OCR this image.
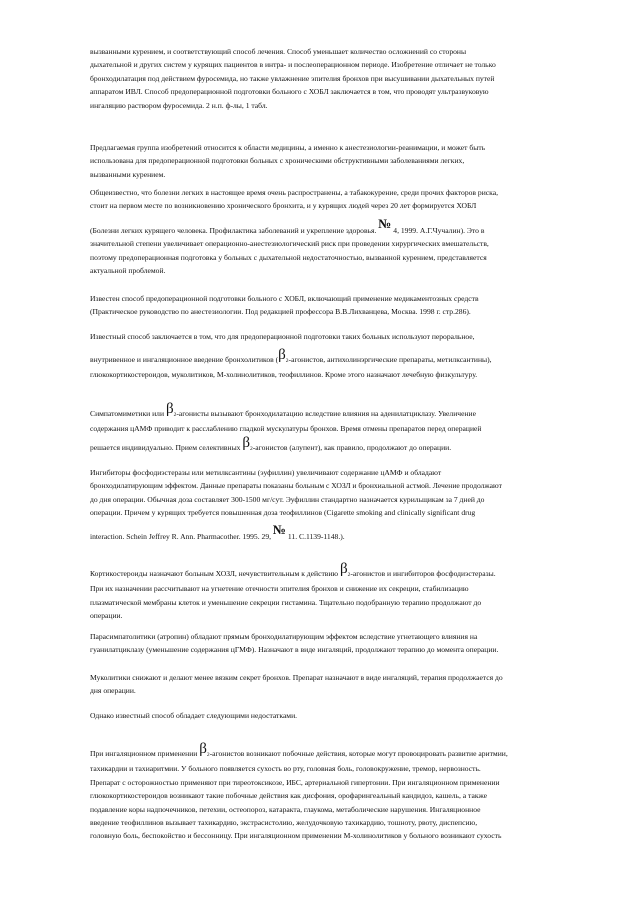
вызванными курением, и соответствующий способ лечения. Способ уменьшает количество осложнений со стороны
дыхательной и других систем у курящих пациентов в интра- и послеоперационном периоде. Изобретение отличает не только
бронходилатация под действием фуросемида, но также увлажнение эпителия бронхов при высушивании дыхательных путей
аппаратом ИВЛ. Способ предоперационной подготовки больного с ХОБЛ заключается в том, что проводят ультразвуковую
ингаляцию раствором фуросемида. 2 н.п. ф-лы, 1 табл.

Предлагаемая группа изобретений относится к области медицины, а именно к анестезиологии-реанимации, и может быть
использована для предоперационной подготовки больных с хроническими обструктивными заболеваниями легких,
вызванными курением.

Общеизвестно, что болезни легких в настоящее время очень распространены, а табакокурение, среди прочих факторов риска,
стоит на первом месте по возникновению хронического бронхита, и у курящих людей через 20 лет формируется ХОБЛ

(Болезни легких курящего человека. Профилактика заболеваний и укрепление здоровья. № 4, 1999. А.Г.Чучалин). Это в
значительной степени увеличивает операционно-анестезиологический риск при проведении хирургических вмешательств,
поэтому предоперационная подготовка у больных с дыхательной недостаточностью, вызванной курением, представляется
актуальной проблемой.

Известен способ предоперационной подготовки больного с ХОБЛ, включающий применение медикаментозных средств
(Практическое руководство по анестезиологии. Под редакцией профессора В.В.Лихванцева, Москва. 1998 г. стр.286).

Известный способ заключается в том, что для предоперационной подготовки таких больных используют пероральное,

внутривенное и ингаляционное введение бронхолитиков (β2-агонистов, антихолинэргические препараты, метилксантины),
глюкокортикостероидов, муколитиков, М-холинолитиков, теофиллинов. Кроме этого назначают лечебную физкультуру.

Симпатомиметики или β2-агонисты вызывают бронходилатацию вследствие влияния на аденилатциклазу. Увеличение
содержания цАМФ приводит к расслаблению гладкой мускулатуры бронхов. Время отмены препаратов перед операцией

решается индивидуально. Прием селективных β2-агонистов (алупент), как правило, продолжают до операции.

Ингибиторы фосфодиэстеразы или метилксантины (эуфиллин) увеличивают содержание цАМФ и обладают
бронходилатирующим эффектом. Данные препараты показаны больным с ХОЗЛ и бронхиальной астмой. Лечение продолжают
до дня операции. Обычная доза составляет 300-1500 мг/сут. Эуфиллин стандартно назначается курильщикам за 7 дней до
операции. Причем у курящих требуется повышенная доза теофиллинов (Cigarette smoking and clinically significant drug

interaction. Schein Jeffrey R. Ann. Pharmacother. 1995. 29, № 11. C.1139-1148.).

Кортикостероиды назначают больным ХОЗЛ, нечувствительным к действию β2-агонистов и ингибиторов фосфодиэстеразы.
При их назначении рассчитывают на угнетение отечности эпителия бронхов и снижение их секреции, стабилизацию
плазматической мембраны клеток и уменьшение секреции гистамина. Тщательно подобранную терапию продолжают до
операции.

Парасимпатолитики (атропин) обладают прямым бронходилатирующим эффектом вследствие угнетающего влияния на
гуанилатциклазу (уменьшение содержания цГМФ). Назначают в виде ингаляций, продолжают терапию до момента операции.

Муколитики снижают и делают менее вязким секрет бронхов. Препарат назначают в виде ингаляций, терапия продолжается до
дня операции.

Однако известный способ обладает следующими недостатками.

При ингаляционном применении β2-агонистов возникают побочные действия, которые могут провоцировать развитие аритмии,
тахикардии и тахиаритмии. У больного появляется сухость во рту, головная боль, головокружение, тремор, нервозность.
Препарат с осторожностью применяют при тиреотоксикозе, ИБС, артериальной гипертонии. При ингаляционном применении
глюкокортикостероидов возникают такие побочные действия как дисфония, орофарингеальный кандидоз, кашель, а также
подавление коры надпочечников, петехии, остеопороз, катаракта, глаукома, метаболические нарушения. Ингаляционное
введение теофиллинов вызывает тахикардию, экстрасистолию, желудочковую тахикардию, тошноту, рвоту, диспепсию,
головную боль, беспокойство и бессонницу. При ингаляционном применении М-холинолитиков у больного возникают сухость
